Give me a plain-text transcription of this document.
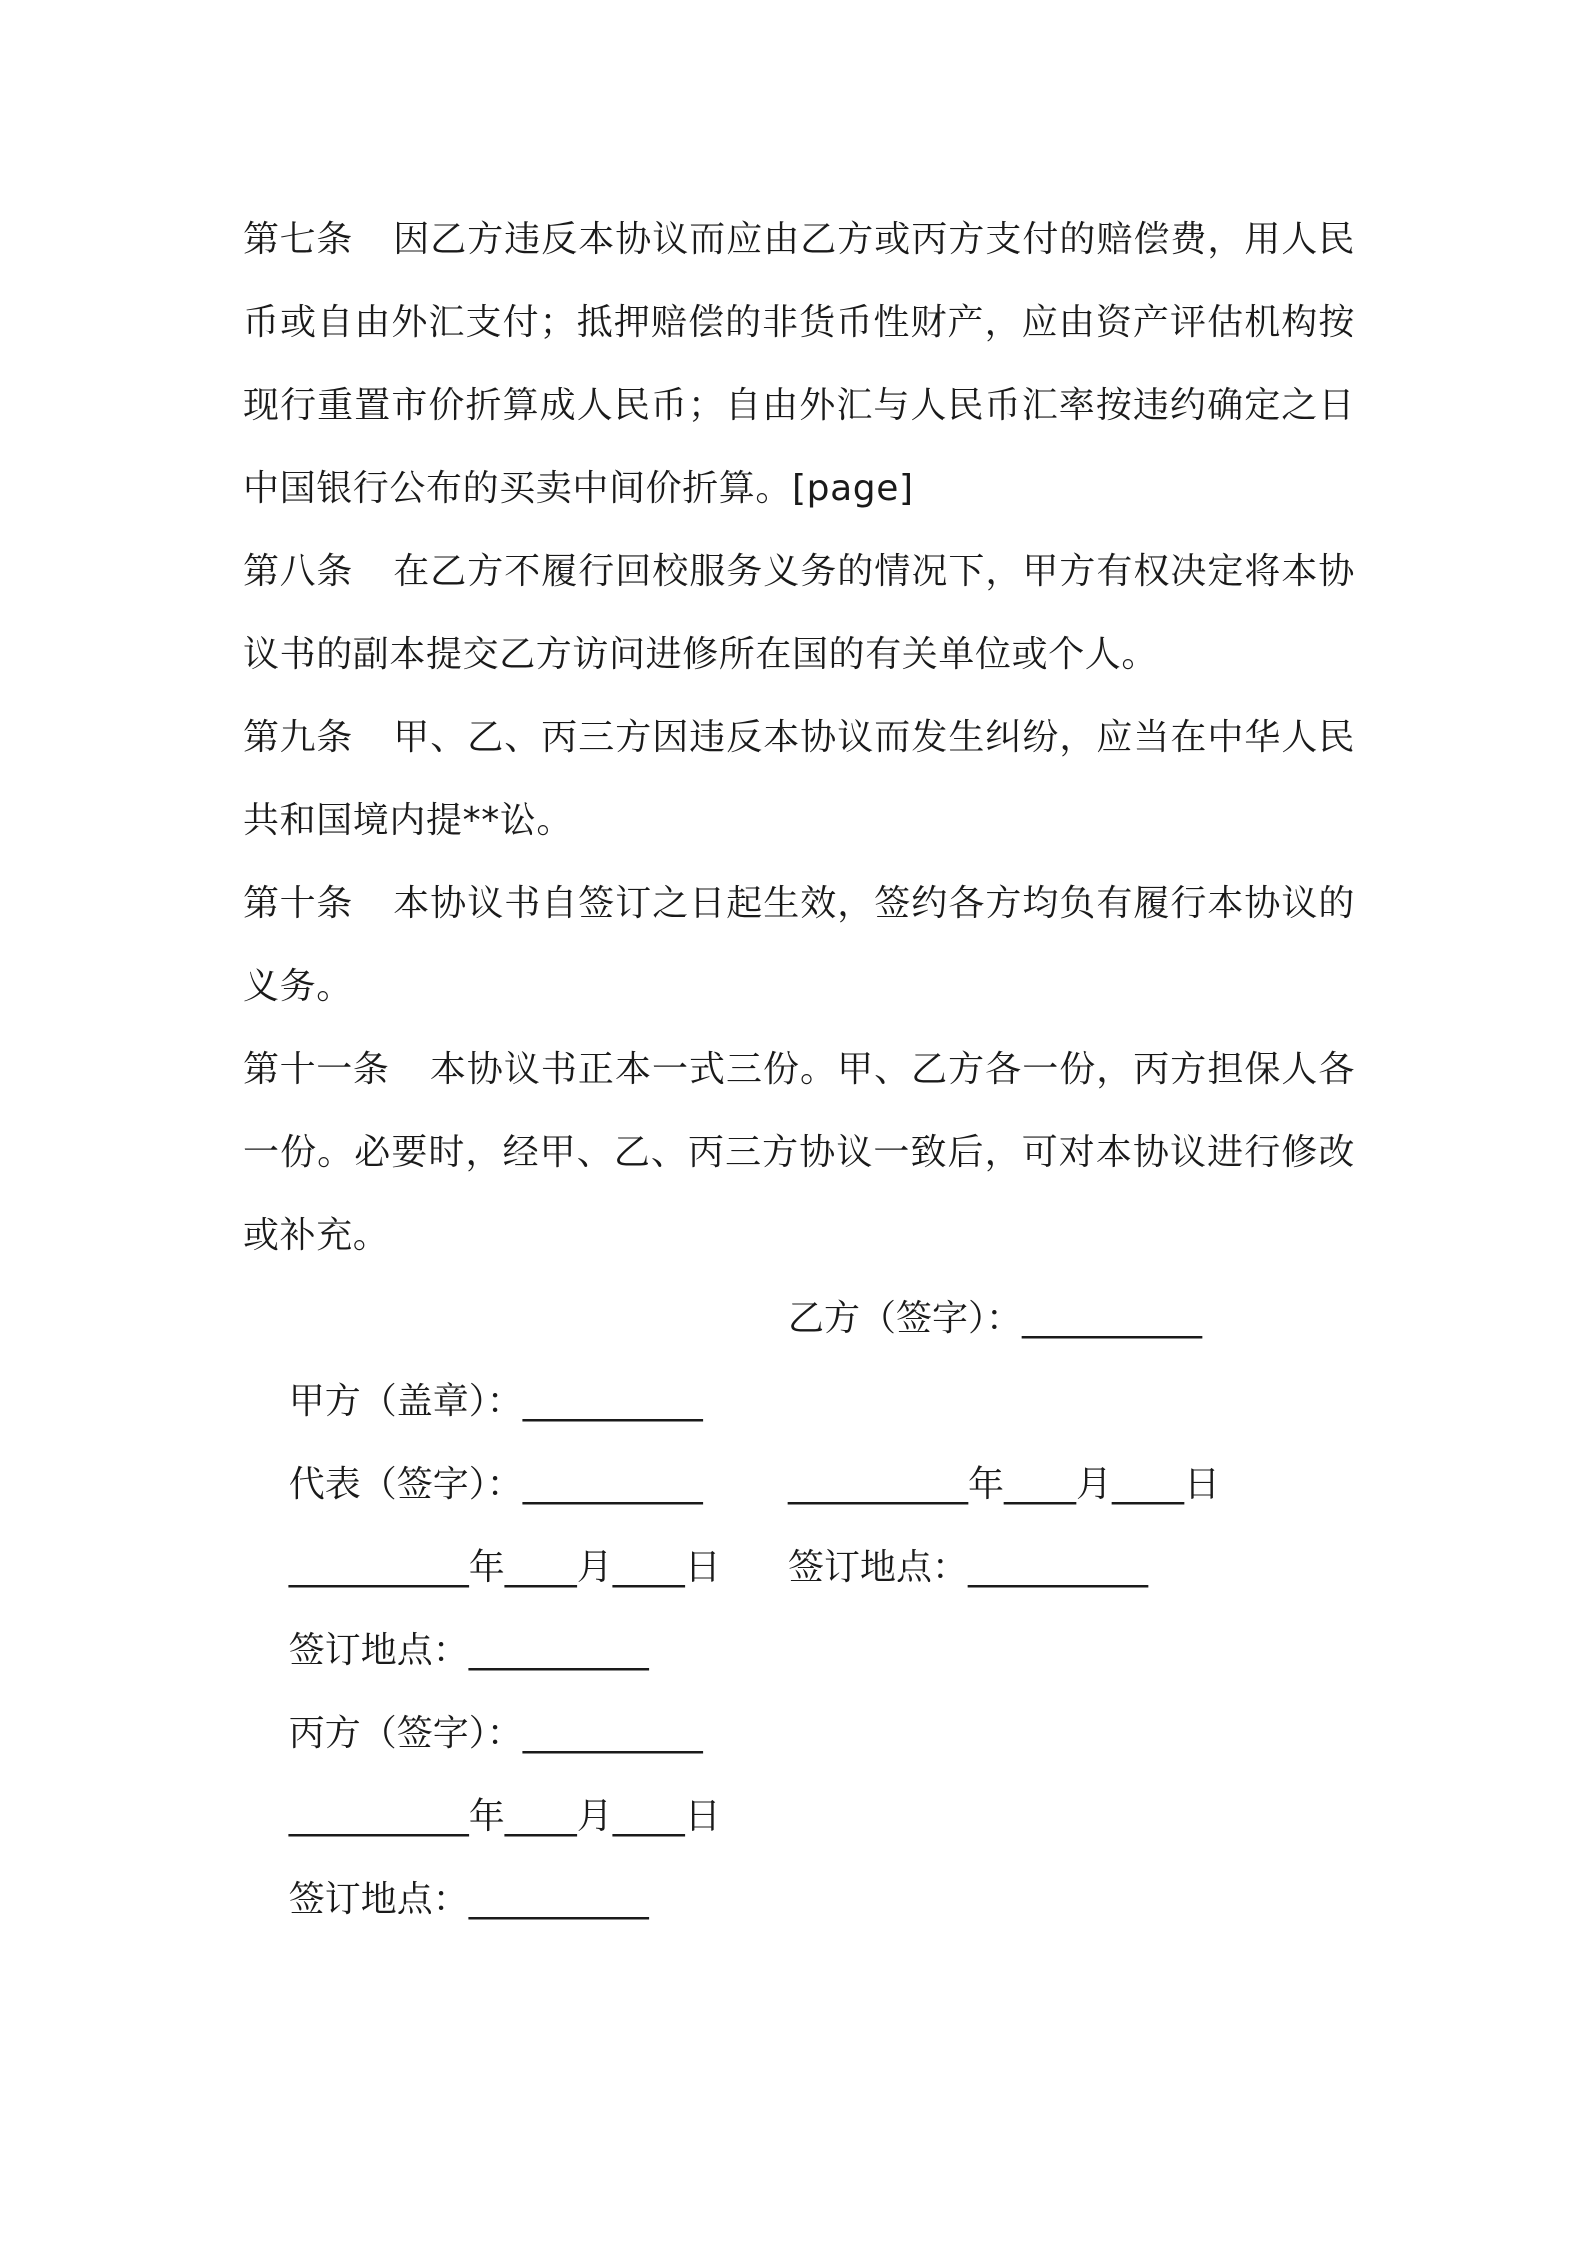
第七条 因乙方违反本协议而应由乙方或丙方支付的赔偿费，用人民币或自由外汇支付；抵押赔偿的非货币性财产，应由资产评估机构按现行重置市价折算成人民币；自由外汇与人民币汇率按违约确定之日中国银行公布的买卖中间价折算。[page]

第八条 在乙方不履行回校服务义务的情况下，甲方有权决定将本协议书的副本提交乙方访问进修所在国的有关单位或个人。

第九条 甲、乙、丙三方因违反本协议而发生纠纷，应当在中华人民共和国境内提**讼。

第十条 本协议书自签订之日起生效，签约各方均负有履行本协议的义务。

第十一条 本协议书正本一式三份。甲、乙方各一份，丙方担保人各一份。必要时，经甲、乙、丙三方协议一致后，可对本协议进行修改或补充。

甲方（盖章）：__________

乙方（签字）：__________

代表（签字）：__________

__________年____月____日

__________年____月____日

签订地点：__________

签订地点：__________

丙方（签字）：__________

__________年____月____日

签订地点：__________
